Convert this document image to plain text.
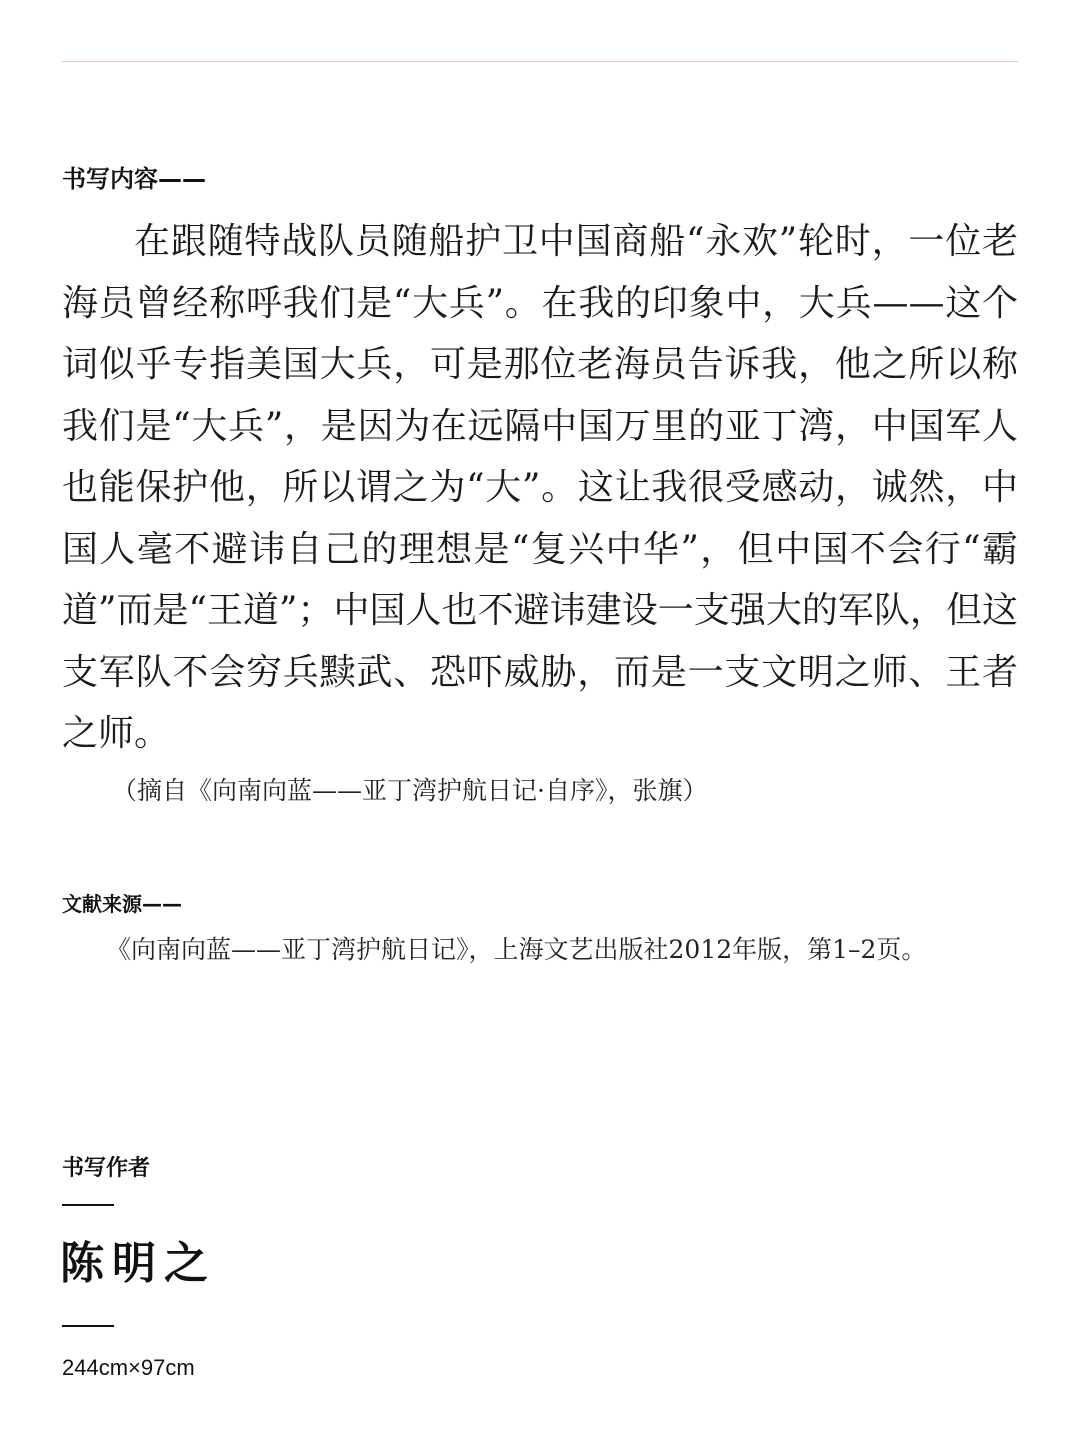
书写内容——

在跟随特战队员随船护卫中国商船“永欢”轮时，一位老海员曾经称呼我们是“大兵”。在我的印象中，大兵——这个词似乎专指美国大兵，可是那位老海员告诉我，他之所以称我们是“大兵”，是因为在远隔中国万里的亚丁湾，中国军人也能保护他，所以谓之为“大”。这让我很受感动，诚然，中国人毫不避讳自己的理想是“复兴中华”，但中国不会行“霸道”而是“王道”；中国人也不避讳建设一支强大的军队，但这支军队不会穷兵黩武、恐吓威胁，而是一支文明之师、王者之师。

（摘自《向南向蓝——亚丁湾护航日记·自序》，张旗）
文献来源——
《向南向蓝——亚丁湾护航日记》，上海文艺出版社2012年版，第1–2页。
书写作者
陈明之
244cm×97cm
